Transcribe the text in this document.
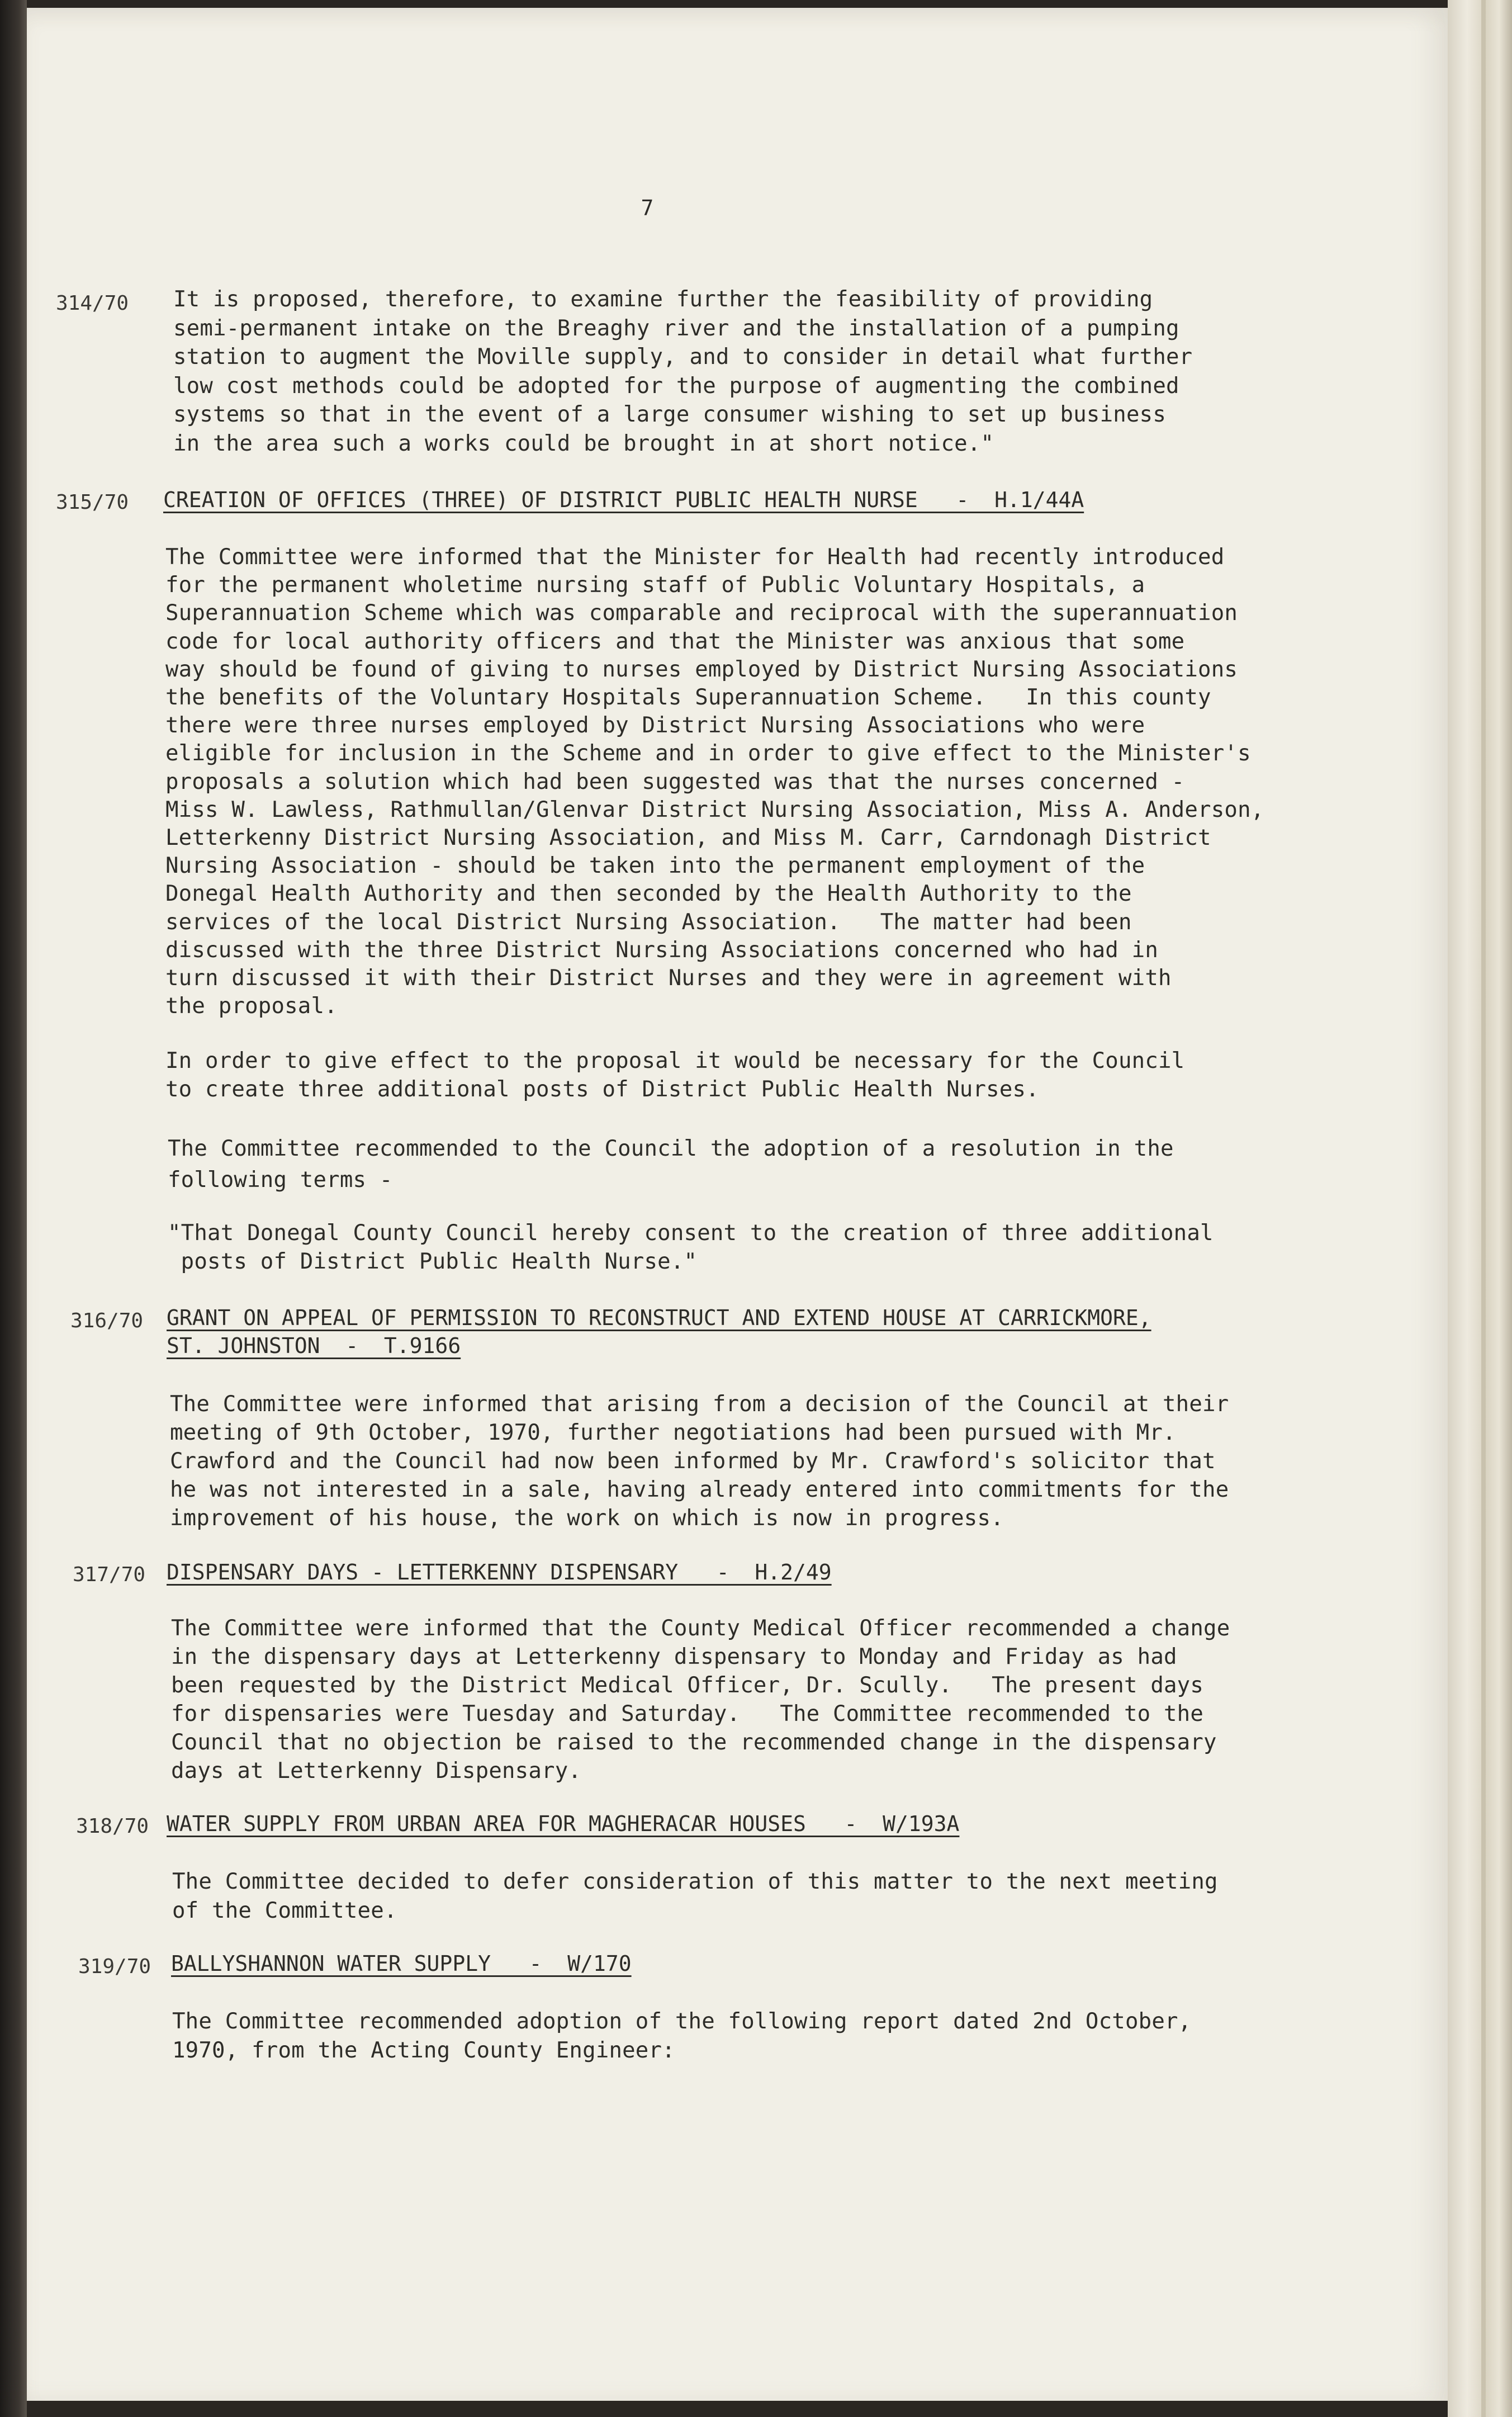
7
314/70 It is proposed, therefore, to examine further the feasibility of providing
semi-permanent intake on the Breaghy river and the installation of a pumping
station to augment the Moville supply, and to consider in detail what further
low cost methods could be adopted for the purpose of augmenting the combined
systems so that in the event of a large consumer wishing to set up business
in the area such a works could be brought in at short notice."
315/70 CREATION OF OFFICES (THREE) OF DISTRICT PUBLIC HEALTH NURSE   -  H.1/44A
The Committee were informed that the Minister for Health had recently introduced
for the permanent wholetime nursing staff of Public Voluntary Hospitals, a
Superannuation Scheme which was comparable and reciprocal with the superannuation
code for local authority officers and that the Minister was anxious that some
way should be found of giving to nurses employed by District Nursing Associations
the benefits of the Voluntary Hospitals Superannuation Scheme.   In this county
there were three nurses employed by District Nursing Associations who were
eligible for inclusion in the Scheme and in order to give effect to the Minister's
proposals a solution which had been suggested was that the nurses concerned -
Miss W. Lawless, Rathmullan/Glenvar District Nursing Association, Miss A. Anderson,
Letterkenny District Nursing Association, and Miss M. Carr, Carndonagh District
Nursing Association - should be taken into the permanent employment of the
Donegal Health Authority and then seconded by the Health Authority to the
services of the local District Nursing Association.   The matter had been
discussed with the three District Nursing Associations concerned who had in
turn discussed it with their District Nurses and they were in agreement with
the proposal.
In order to give effect to the proposal it would be necessary for the Council
to create three additional posts of District Public Health Nurses.
The Committee recommended to the Council the adoption of a resolution in the
following terms -
"That Donegal County Council hereby consent to the creation of three additional
posts of District Public Health Nurse."
316/70 GRANT ON APPEAL OF PERMISSION TO RECONSTRUCT AND EXTEND HOUSE AT CARRICKMORE,
ST. JOHNSTON  -  T.9166
The Committee were informed that arising from a decision of the Council at their
meeting of 9th October, 1970, further negotiations had been pursued with Mr.
Crawford and the Council had now been informed by Mr. Crawford's solicitor that
he was not interested in a sale, having already entered into commitments for the
improvement of his house, the work on which is now in progress.
317/70 DISPENSARY DAYS - LETTERKENNY DISPENSARY   -  H.2/49
The Committee were informed that the County Medical Officer recommended a change
in the dispensary days at Letterkenny dispensary to Monday and Friday as had
been requested by the District Medical Officer, Dr. Scully.   The present days
for dispensaries were Tuesday and Saturday.   The Committee recommended to the
Council that no objection be raised to the recommended change in the dispensary
days at Letterkenny Dispensary.
318/70 WATER SUPPLY FROM URBAN AREA FOR MAGHERACAR HOUSES   -  W/193A
The Committee decided to defer consideration of this matter to the next meeting
of the Committee.
319/70 BALLYSHANNON WATER SUPPLY   -  W/170
The Committee recommended adoption of the following report dated 2nd October,
1970, from the Acting County Engineer:
